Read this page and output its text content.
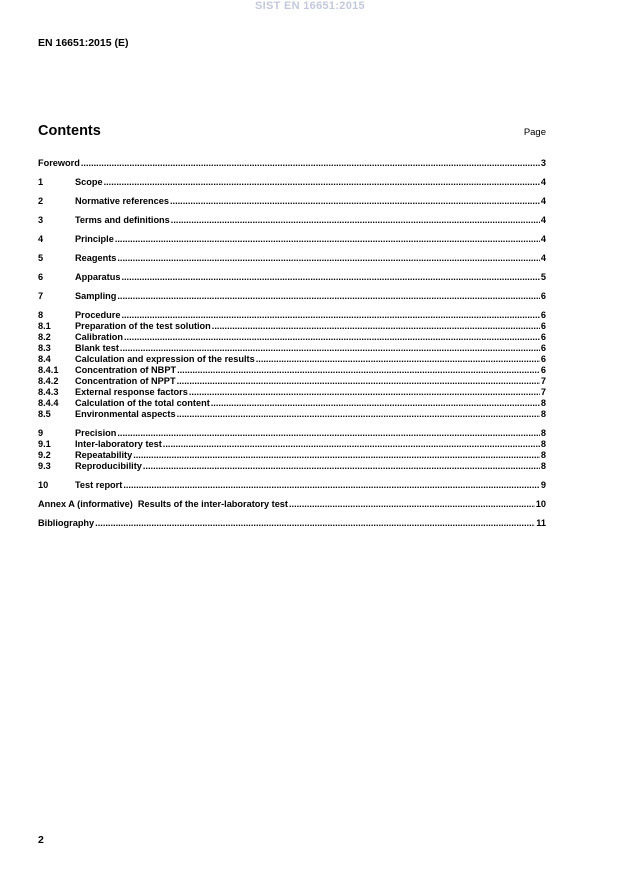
SIST EN 16651:2015
EN 16651:2015 (E)
Contents	Page
Foreword .....	3
1	Scope .....	4
2	Normative references .....	4
3	Terms and definitions .....	4
4	Principle .....	4
5	Reagents .....	4
6	Apparatus .....	5
7	Sampling .....	6
8	Procedure .....	6
8.1	Preparation of the test solution .....	6
8.2	Calibration .....	6
8.3	Blank test .....	6
8.4	Calculation and expression of the results .....	6
8.4.1	Concentration of NBPT .....	6
8.4.2	Concentration of NPPT .....	7
8.4.3	External response factors .....	7
8.4.4	Calculation of the total content .....	8
8.5	Environmental aspects .....	8
9	Precision .....	8
9.1	Inter-laboratory test .....	8
9.2	Repeatability .....	8
9.3	Reproducibility .....	8
10	Test report .....	9
Annex A (informative)  Results of the inter-laboratory test .....	10
Bibliography .....	11
2
